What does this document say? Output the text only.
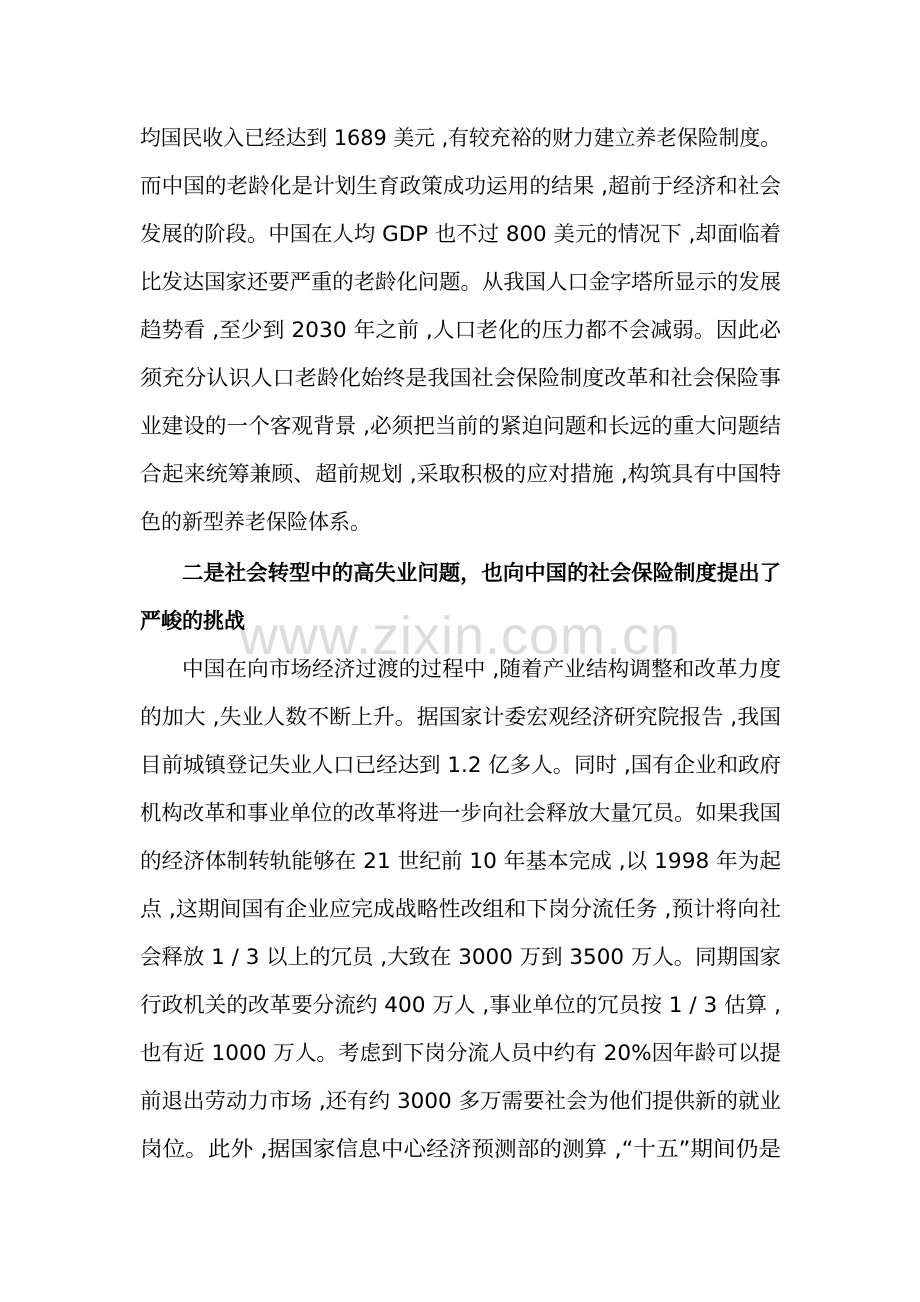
www.zixin.com.cn
均国民收入已经达到 1689 美元 ,有较充裕的财力建立养老保险制度。
而中国的老龄化是计划生育政策成功运用的结果 ,超前于经济和社会
发展的阶段。中国在人均 GDP 也不过 800 美元的情况下 ,却面临着
比发达国家还要严重的老龄化问题。从我国人口金字塔所显示的发展
趋势看 ,至少到 2030 年之前 ,人口老化的压力都不会减弱。因此必
须充分认识人口老龄化始终是我国社会保险制度改革和社会保险事
业建设的一个客观背景 ,必须把当前的紧迫问题和长远的重大问题结
合起来统筹兼顾、超前规划 ,采取积极的应对措施 ,构筑具有中国特
色的新型养老保险体系。
二是社会转型中的高失业问题，也向中国的社会保险制度提出了
严峻的挑战
中国在向市场经济过渡的过程中 ,随着产业结构调整和改革力度
的加大 ,失业人数不断上升。据国家计委宏观经济研究院报告 ,我国
目前城镇登记失业人口已经达到 1.2 亿多人。同时 ,国有企业和政府
机构改革和事业单位的改革将进一步向社会释放大量冗员。如果我国
的经济体制转轨能够在 21 世纪前 10 年基本完成 ,以 1998 年为起
点 ,这期间国有企业应完成战略性改组和下岗分流任务 ,预计将向社
会释放 1 / 3 以上的冗员 ,大致在 3000 万到 3500 万人。同期国家
行政机关的改革要分流约 400 万人 ,事业单位的冗员按 1 / 3 估算 ,
也有近 1000 万人。考虑到下岗分流人员中约有 20%因年龄可以提
前退出劳动力市场 ,还有约 3000 多万需要社会为他们提供新的就业
岗位。此外 ,据国家信息中心经济预测部的测算 ,“十五”期间仍是
